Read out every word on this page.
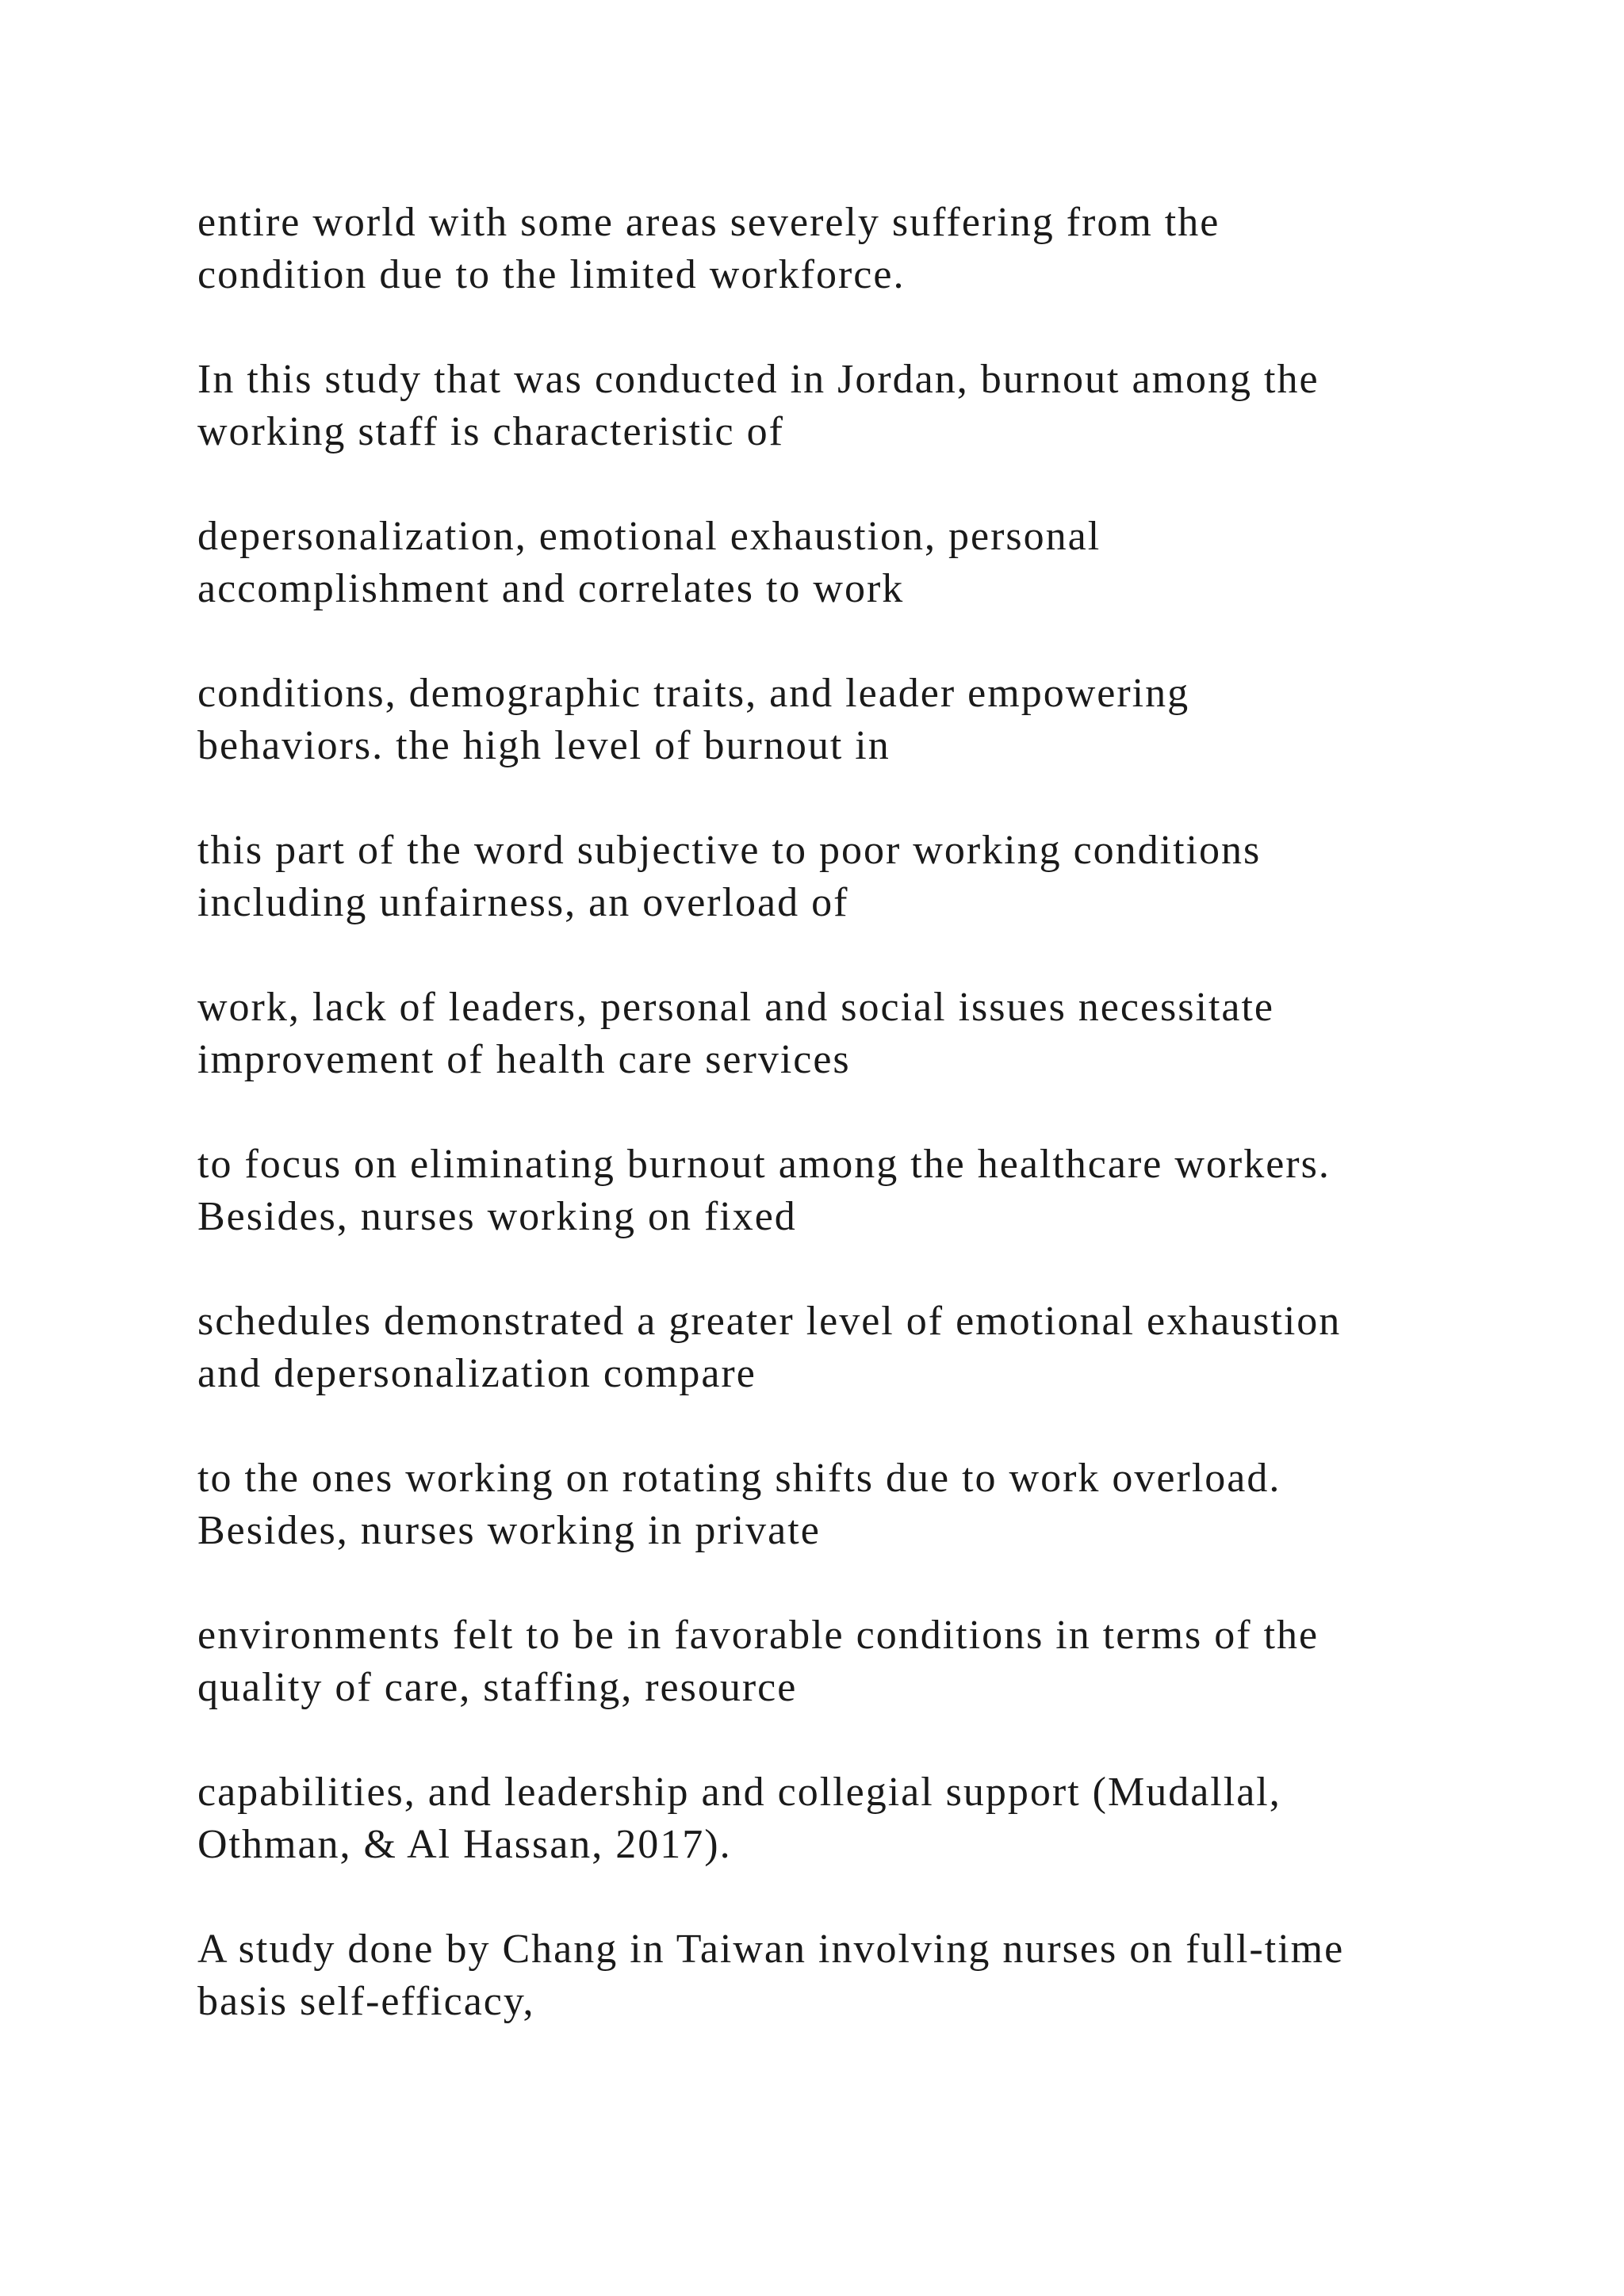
entire world with some areas severely suffering from the
condition due to the limited workforce.

In this study that was conducted in Jordan, burnout among the
working staff is characteristic of

depersonalization, emotional exhaustion, personal
accomplishment and correlates to work

conditions, demographic traits, and leader empowering
behaviors. the high level of burnout in

this part of the word subjective to poor working conditions
including unfairness, an overload of

work, lack of leaders, personal and social issues necessitate
improvement of health care services

to focus on eliminating burnout among the healthcare workers.
Besides, nurses working on fixed

schedules demonstrated a greater level of emotional exhaustion
and depersonalization compare

to the ones working on rotating shifts due to work overload.
Besides, nurses working in private

environments felt to be in favorable conditions in terms of the
quality of care, staffing, resource

capabilities, and leadership and collegial support (Mudallal,
Othman, & Al Hassan, 2017).

A study done by Chang in Taiwan involving nurses on full-time
basis self-efficacy,
